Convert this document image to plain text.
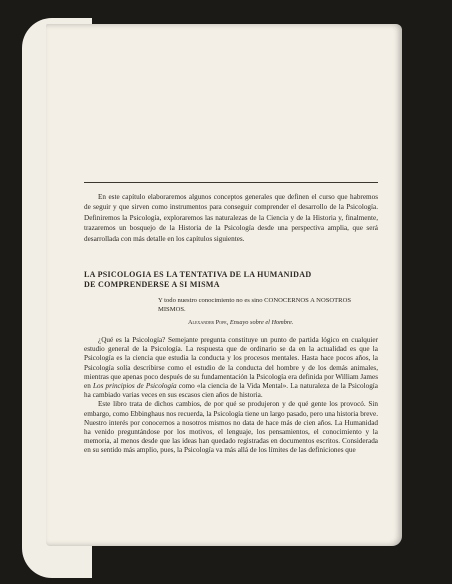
En este capítulo elaboraremos algunos conceptos generales que definen el curso que habremos de seguir y que sirven como instrumentos para conseguir comprender el desarrollo de la Psicología. Definiremos la Psicología, exploraremos las naturalezas de la Ciencia y de la Historia y, finalmente, trazaremos un bosquejo de la Historia de la Psicología desde una perspectiva amplia, que será desarrollada con más detalle en los capítulos siguientes.

LA PSICOLOGIA ES LA TENTATIVA DE LA HUMANIDAD
DE COMPRENDERSE A SI MISMA

Y todo nuestro conocimiento no es sino CONOCERNOS A NOSOTROS MISMOS.

Alexander Pope, Ensayo sobre el Hombre.

¿Qué es la Psicología? Semejante pregunta constituye un punto de partida lógico en cualquier estudio general de la Psicología. La respuesta que de ordinario se da en la actualidad es que la Psicología es la ciencia que estudia la conducta y los procesos mentales. Hasta hace pocos años, la Psicología solía describirse como el estudio de la conducta del hombre y de los demás animales, mientras que apenas poco después de su fundamentación la Psicología era definida por William James en Los principios de Psicología como «la ciencia de la Vida Mental». La naturaleza de la Psicología ha cambiado varias veces en sus escasos cien años de historia.

Este libro trata de dichos cambios, de por qué se produjeron y de qué gente los provocó. Sin embargo, como Ebbinghaus nos recuerda, la Psicología tiene un largo pasado, pero una historia breve. Nuestro interés por conocernos a nosotros mismos no data de hace más de cien años. La Humanidad ha venido preguntándose por los motivos, el lenguaje, los pensamientos, el conocimiento y la memoria, al menos desde que las ideas han quedado registradas en documentos escritos. Considerada en su sentido más amplio, pues, la Psicología va más allá de los límites de las definiciones que
